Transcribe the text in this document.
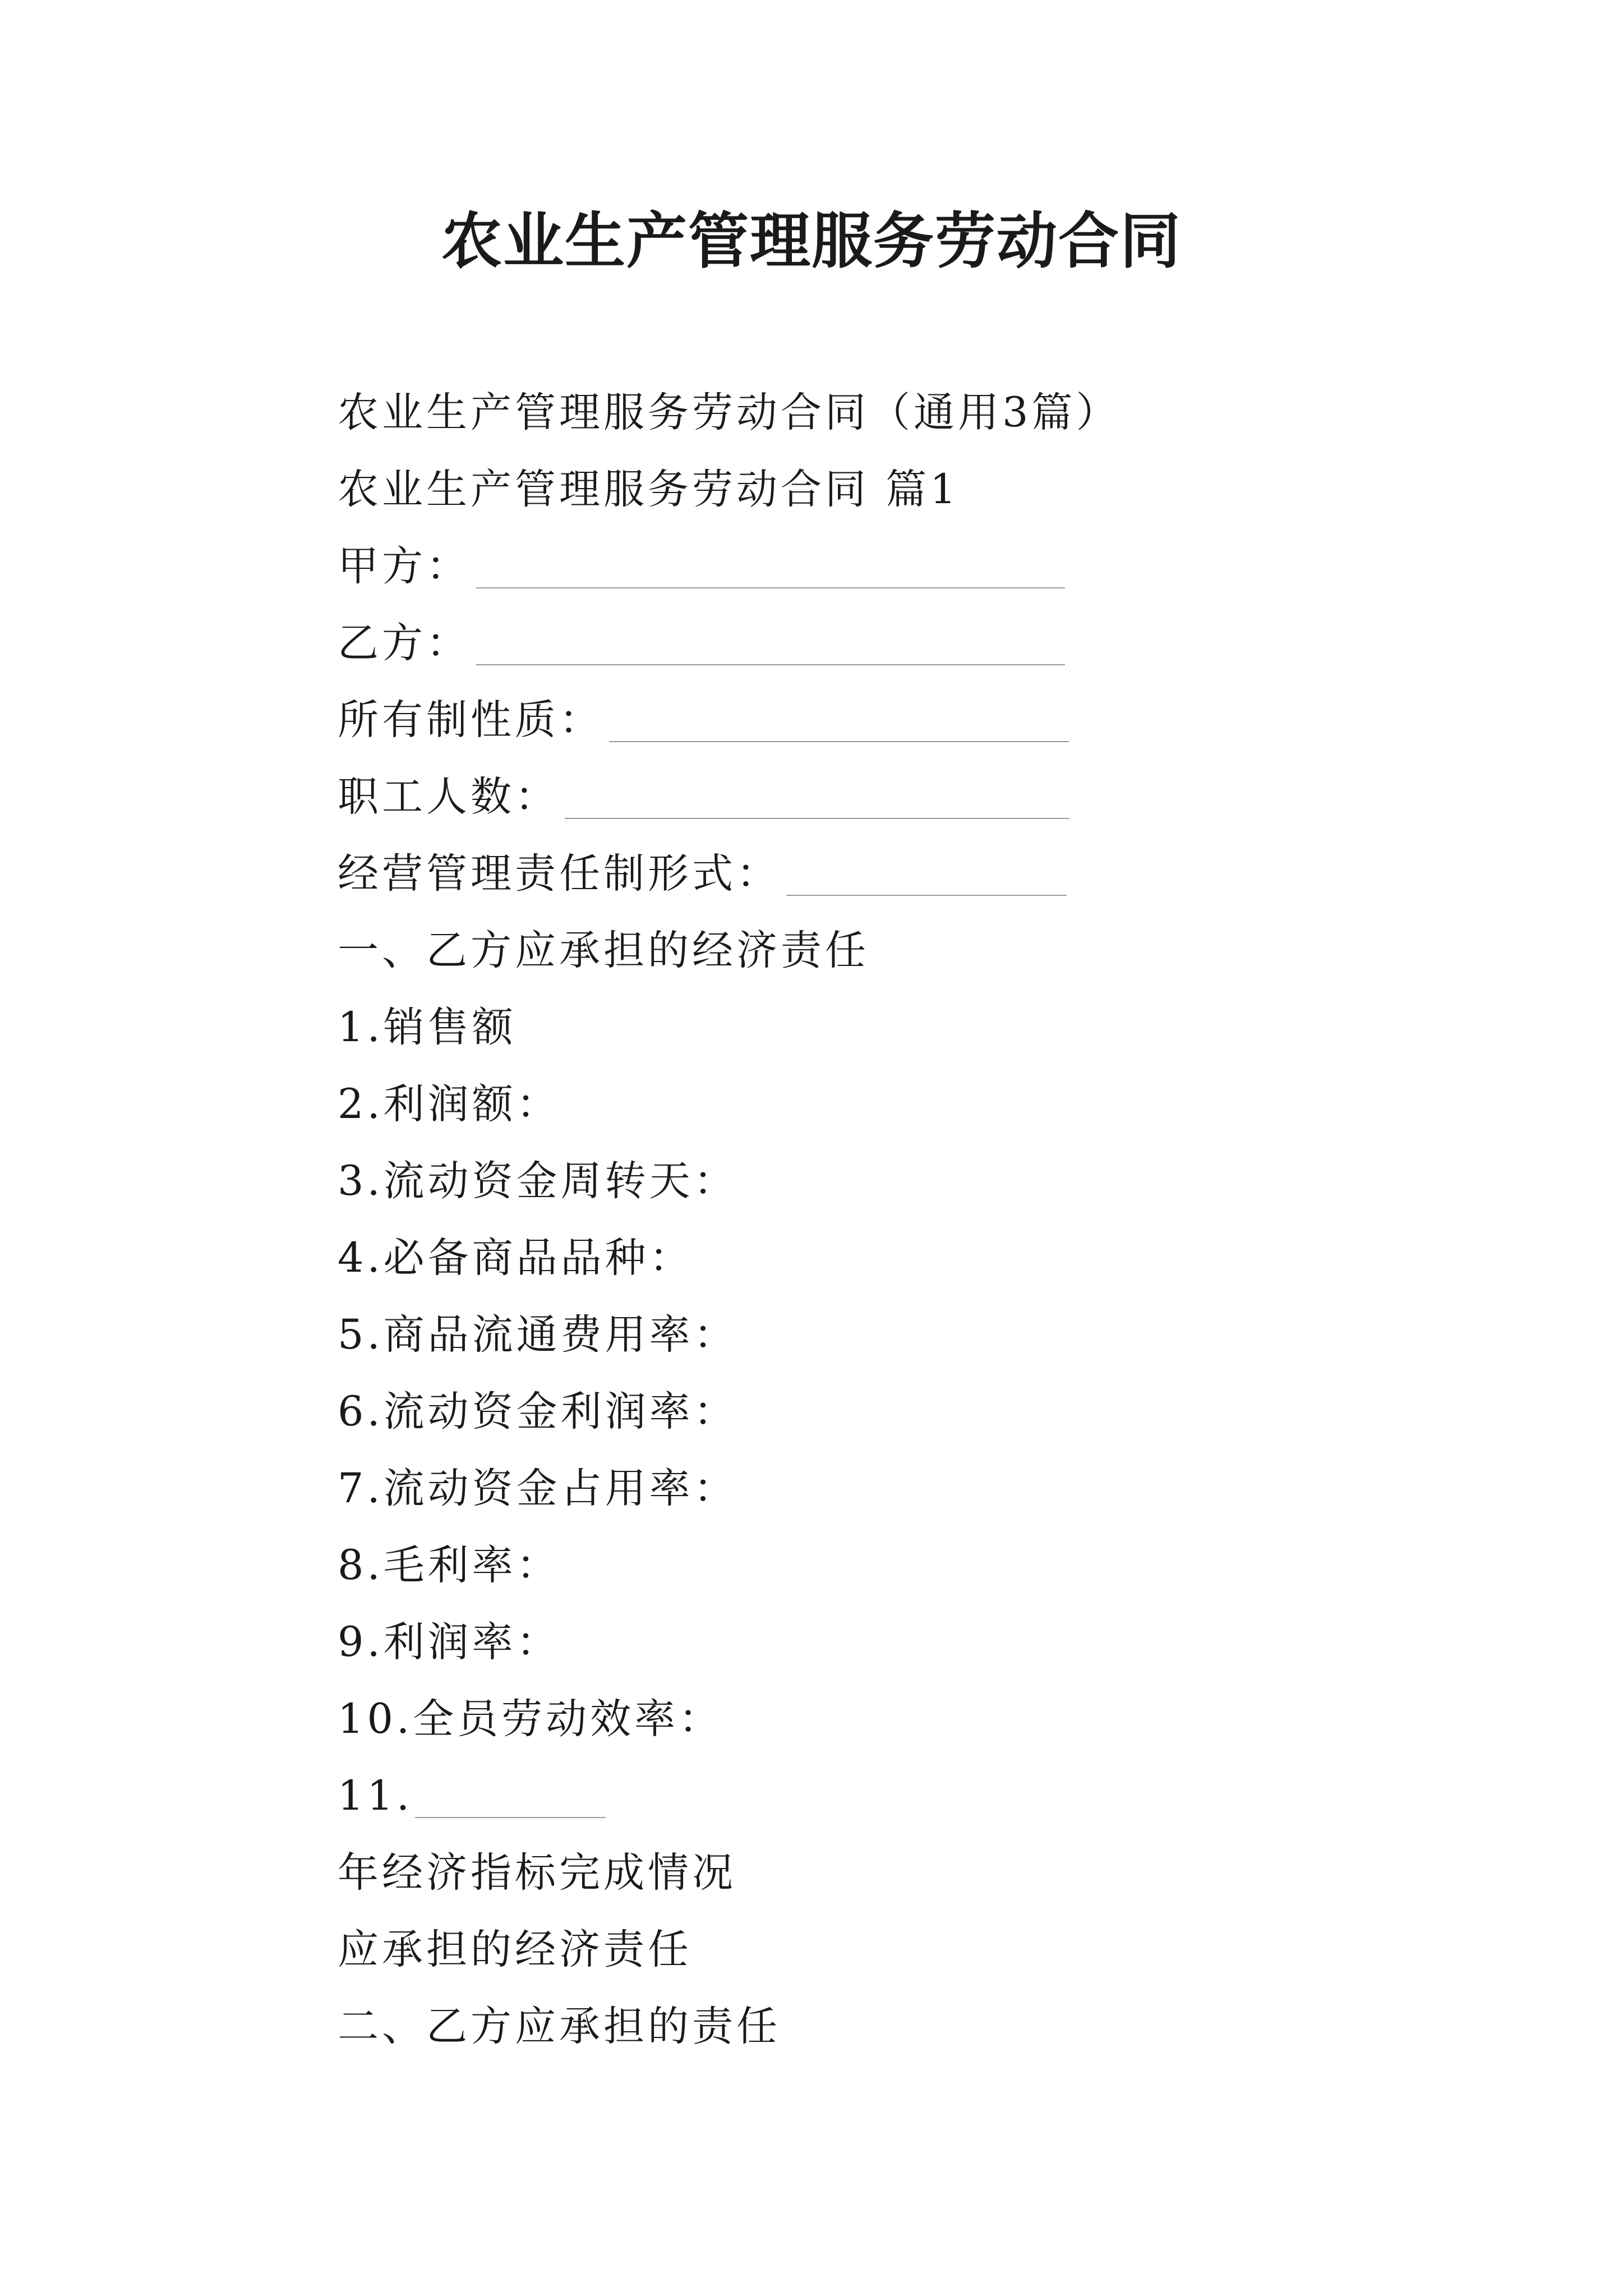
农业生产管理服务劳动合同
农业生产管理服务劳动合同（通用3篇）
农业生产管理服务劳动合同 篇1
甲方：
乙方：
所有制性质：
职工人数：
经营管理责任制形式：
一、乙方应承担的经济责任
1.销售额
2.利润额：
3.流动资金周转天：
4.必备商品品种：
5.商品流通费用率：
6.流动资金利润率：
7.流动资金占用率：
8.毛利率：
9.利润率：
10.全员劳动效率：
11.
年经济指标完成情况
应承担的经济责任
二、乙方应承担的责任
